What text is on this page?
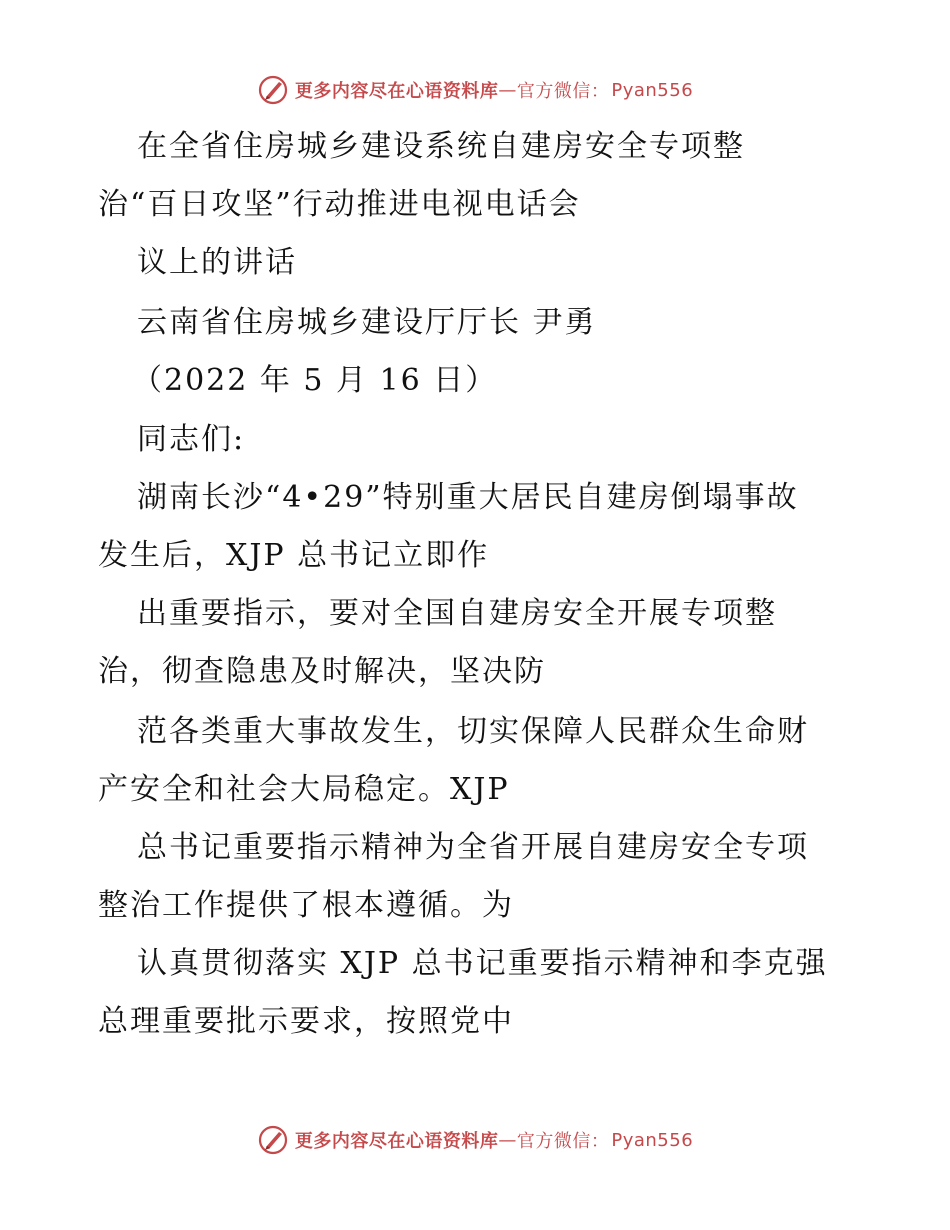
更多内容尽在心语资料库 — 官方微信： Pyan556
在全省住房城乡建设系统自建房安全专项整
治“百日攻坚”行动推进电视电话会
议上的讲话
云南省住房城乡建设厅厅长 尹勇
（2022 年 5 月 16 日）
同志们:
湖南长沙“4•29”特别重大居民自建房倒塌事故
发生后，XJP 总书记立即作
出重要指示，要对全国自建房安全开展专项整
治，彻查隐患及时解决，坚决防
范各类重大事故发生，切实保障人民群众生命财
产安全和社会大局稳定。XJP
总书记重要指示精神为全省开展自建房安全专项
整治工作提供了根本遵循。为
认真贯彻落实 XJP 总书记重要指示精神和李克强
总理重要批示要求，按照党中
更多内容尽在心语资料库 — 官方微信： Pyan556
